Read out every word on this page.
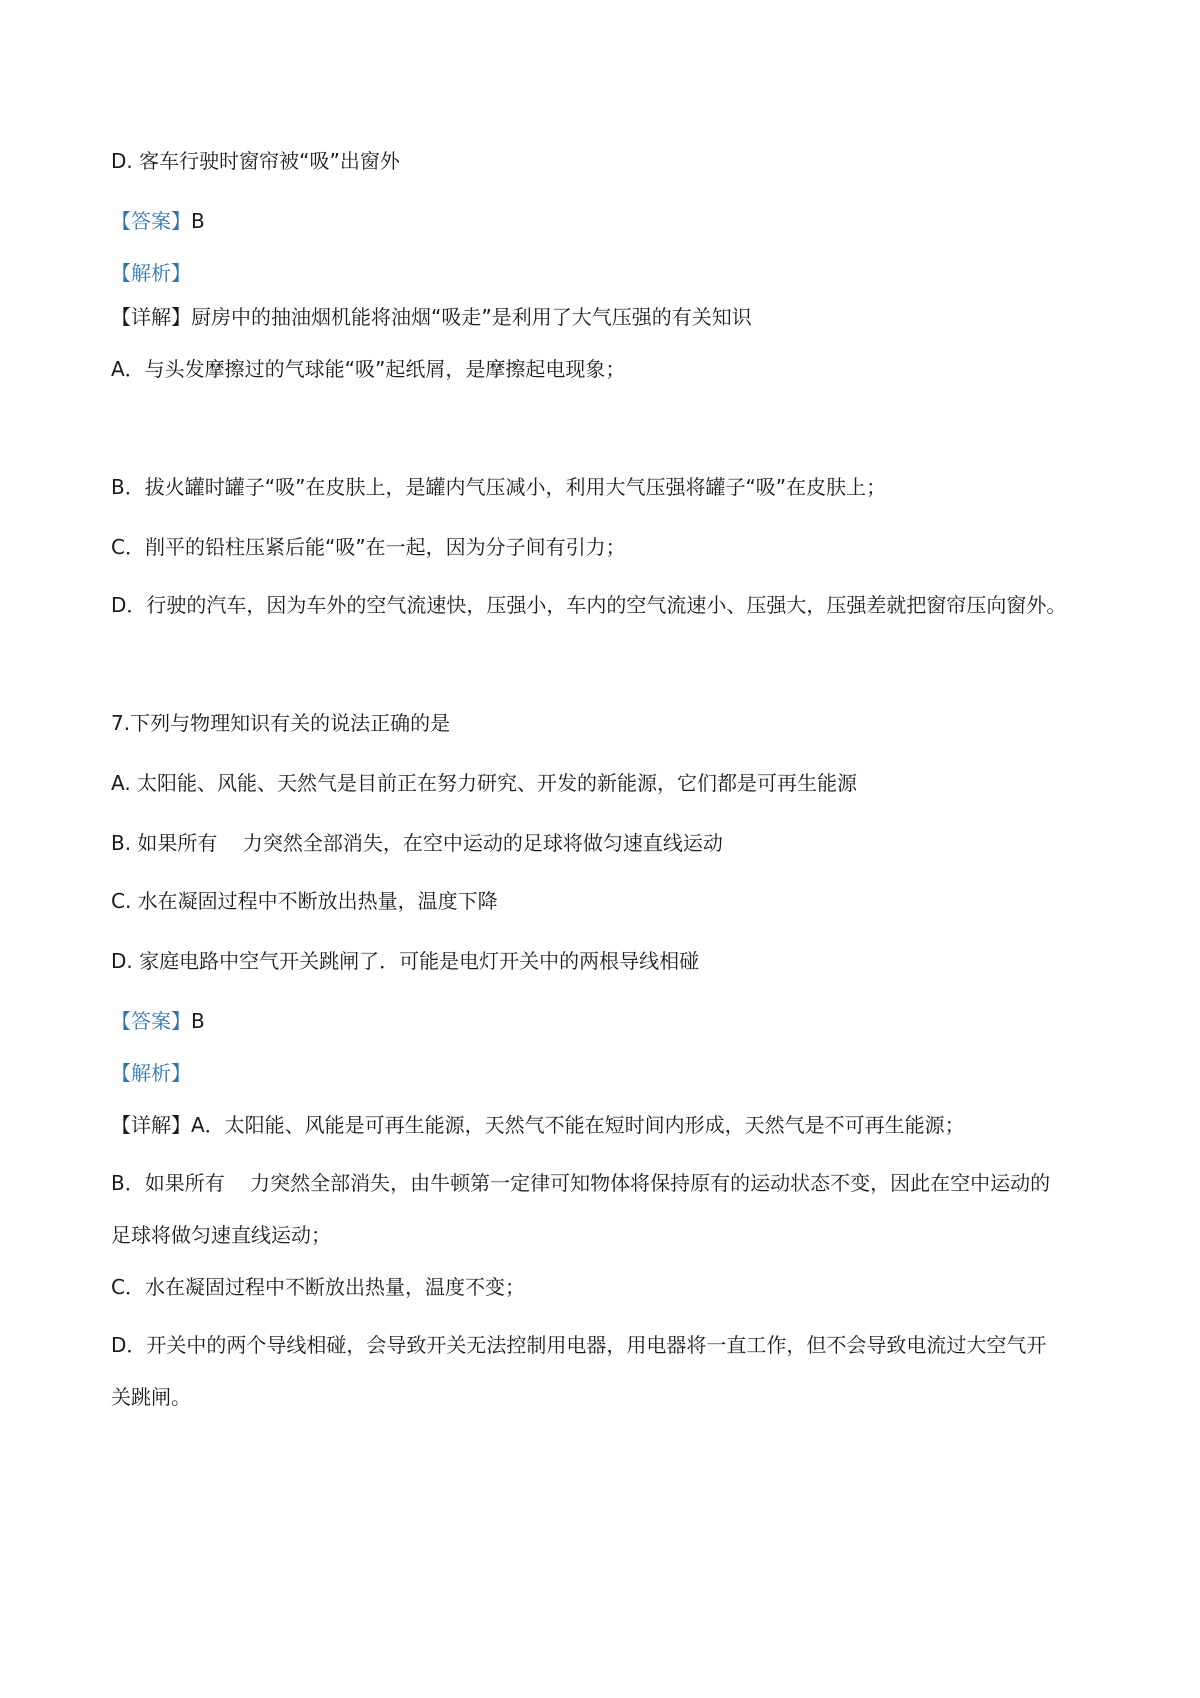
D. 客车行驶时窗帘被“吸”出窗外
【答案】B
【解析】
【详解】厨房中的抽油烟机能将油烟“吸走”是利用了大气压强的有关知识
A．与头发摩擦过的气球能“吸”起纸屑，是摩擦起电现象；
B．拔火罐时罐子“吸”在皮肤上，是罐内气压减小，利用大气压强将罐子“吸”在皮肤上；
C．削平的铅柱压紧后能“吸”在一起，因为分子间有引力；
D．行驶的汽车，因为车外的空气流速快，压强小，车内的空气流速小、压强大，压强差就把窗帘压向窗外。
7.下列与物理知识有关的说法正确的是
A. 太阳能、风能、天然气是目前正在努力研究、开发的新能源，它们都是可再生能源
B. 如果所有    力突然全部消失，在空中运动的足球将做匀速直线运动
C. 水在凝固过程中不断放出热量，温度下降
D. 家庭电路中空气开关跳闸了．可能是电灯开关中的两根导线相碰
【答案】B
【解析】
【详解】A．太阳能、风能是可再生能源，天然气不能在短时间内形成，天然气是不可再生能源；
B．如果所有    力突然全部消失，由牛顿第一定律可知物体将保持原有的运动状态不变，因此在空中运动的
足球将做匀速直线运动；
C．水在凝固过程中不断放出热量，温度不变；
D．开关中的两个导线相碰，会导致开关无法控制用电器，用电器将一直工作，但不会导致电流过大空气开
关跳闸。
